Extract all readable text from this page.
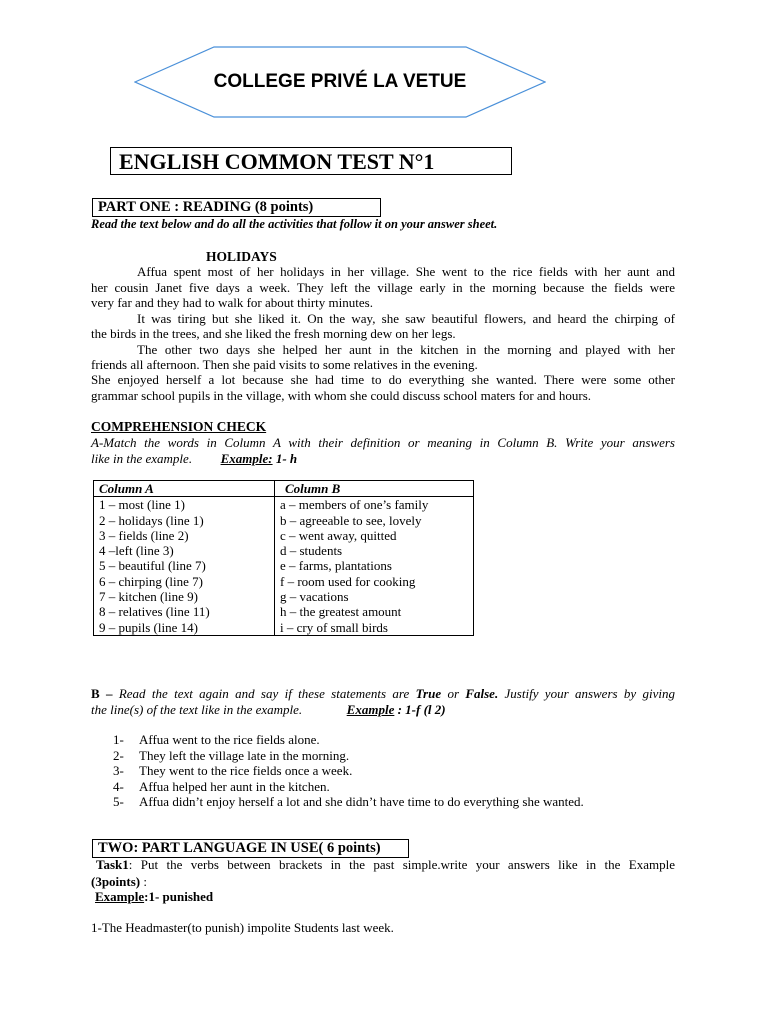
COLLEGE PRIVÉ LA VETUE
ENGLISH COMMON TEST N°1
PART ONE : READING (8 points)
Read the text below and do all the activities that follow it on your answer sheet.
HOLIDAYS
Affua spent most of her holidays in her village. She went to the rice fields with her aunt and
her cousin Janet five days a week. They left the village early in the morning because the fields were
very far and they had to walk for about thirty minutes.
It was tiring but she liked it. On the way, she saw beautiful flowers, and heard the chirping of
the birds in the trees, and she liked the fresh morning dew on her legs.
The other two days she helped her aunt in the kitchen in the morning and played with her
friends all afternoon. Then she paid visits to some relatives in the evening.
She enjoyed herself a lot because she had time to do everything she wanted. There were some other
grammar school pupils in the village, with whom she could discuss school maters for and hours.
COMPREHENSION CHECK
A-Match the words in Column A with their definition or meaning in Column B. Write your answers
like in the example. Example: 1- h
Column A	Column B
1 – most (line 1)	a – members of one’s family
2 – holidays (line 1)	b – agreeable to see, lovely
3 – fields (line 2)	c – went away, quitted
4 –left (line 3)	d – students
5 – beautiful (line 7)	e – farms, plantations
6 – chirping (line 7)	f – room used for cooking
7 – kitchen (line 9)	g – vacations
8 – relatives (line 11)	h – the greatest amount
9 – pupils (line 14)	i – cry of small birds
B – Read the text again and say if these statements are True or False. Justify your answers by giving
the line(s) of the text like in the example.	Example : 1-f (l 2)
1- Affua went to the rice fields alone.
2- They left the village late in the morning.
3- They went to the rice fields once a week.
4- Affua helped her aunt in the kitchen.
5- Affua didn’t enjoy herself a lot and she didn’t have time to do everything she wanted.
TWO: PART LANGUAGE IN USE( 6 points)
Task1: Put the verbs between brackets in the past simple.write your answers like in the Example
(3points) :
Example:1- punished
1-The Headmaster(to punish) impolite Students last week.
